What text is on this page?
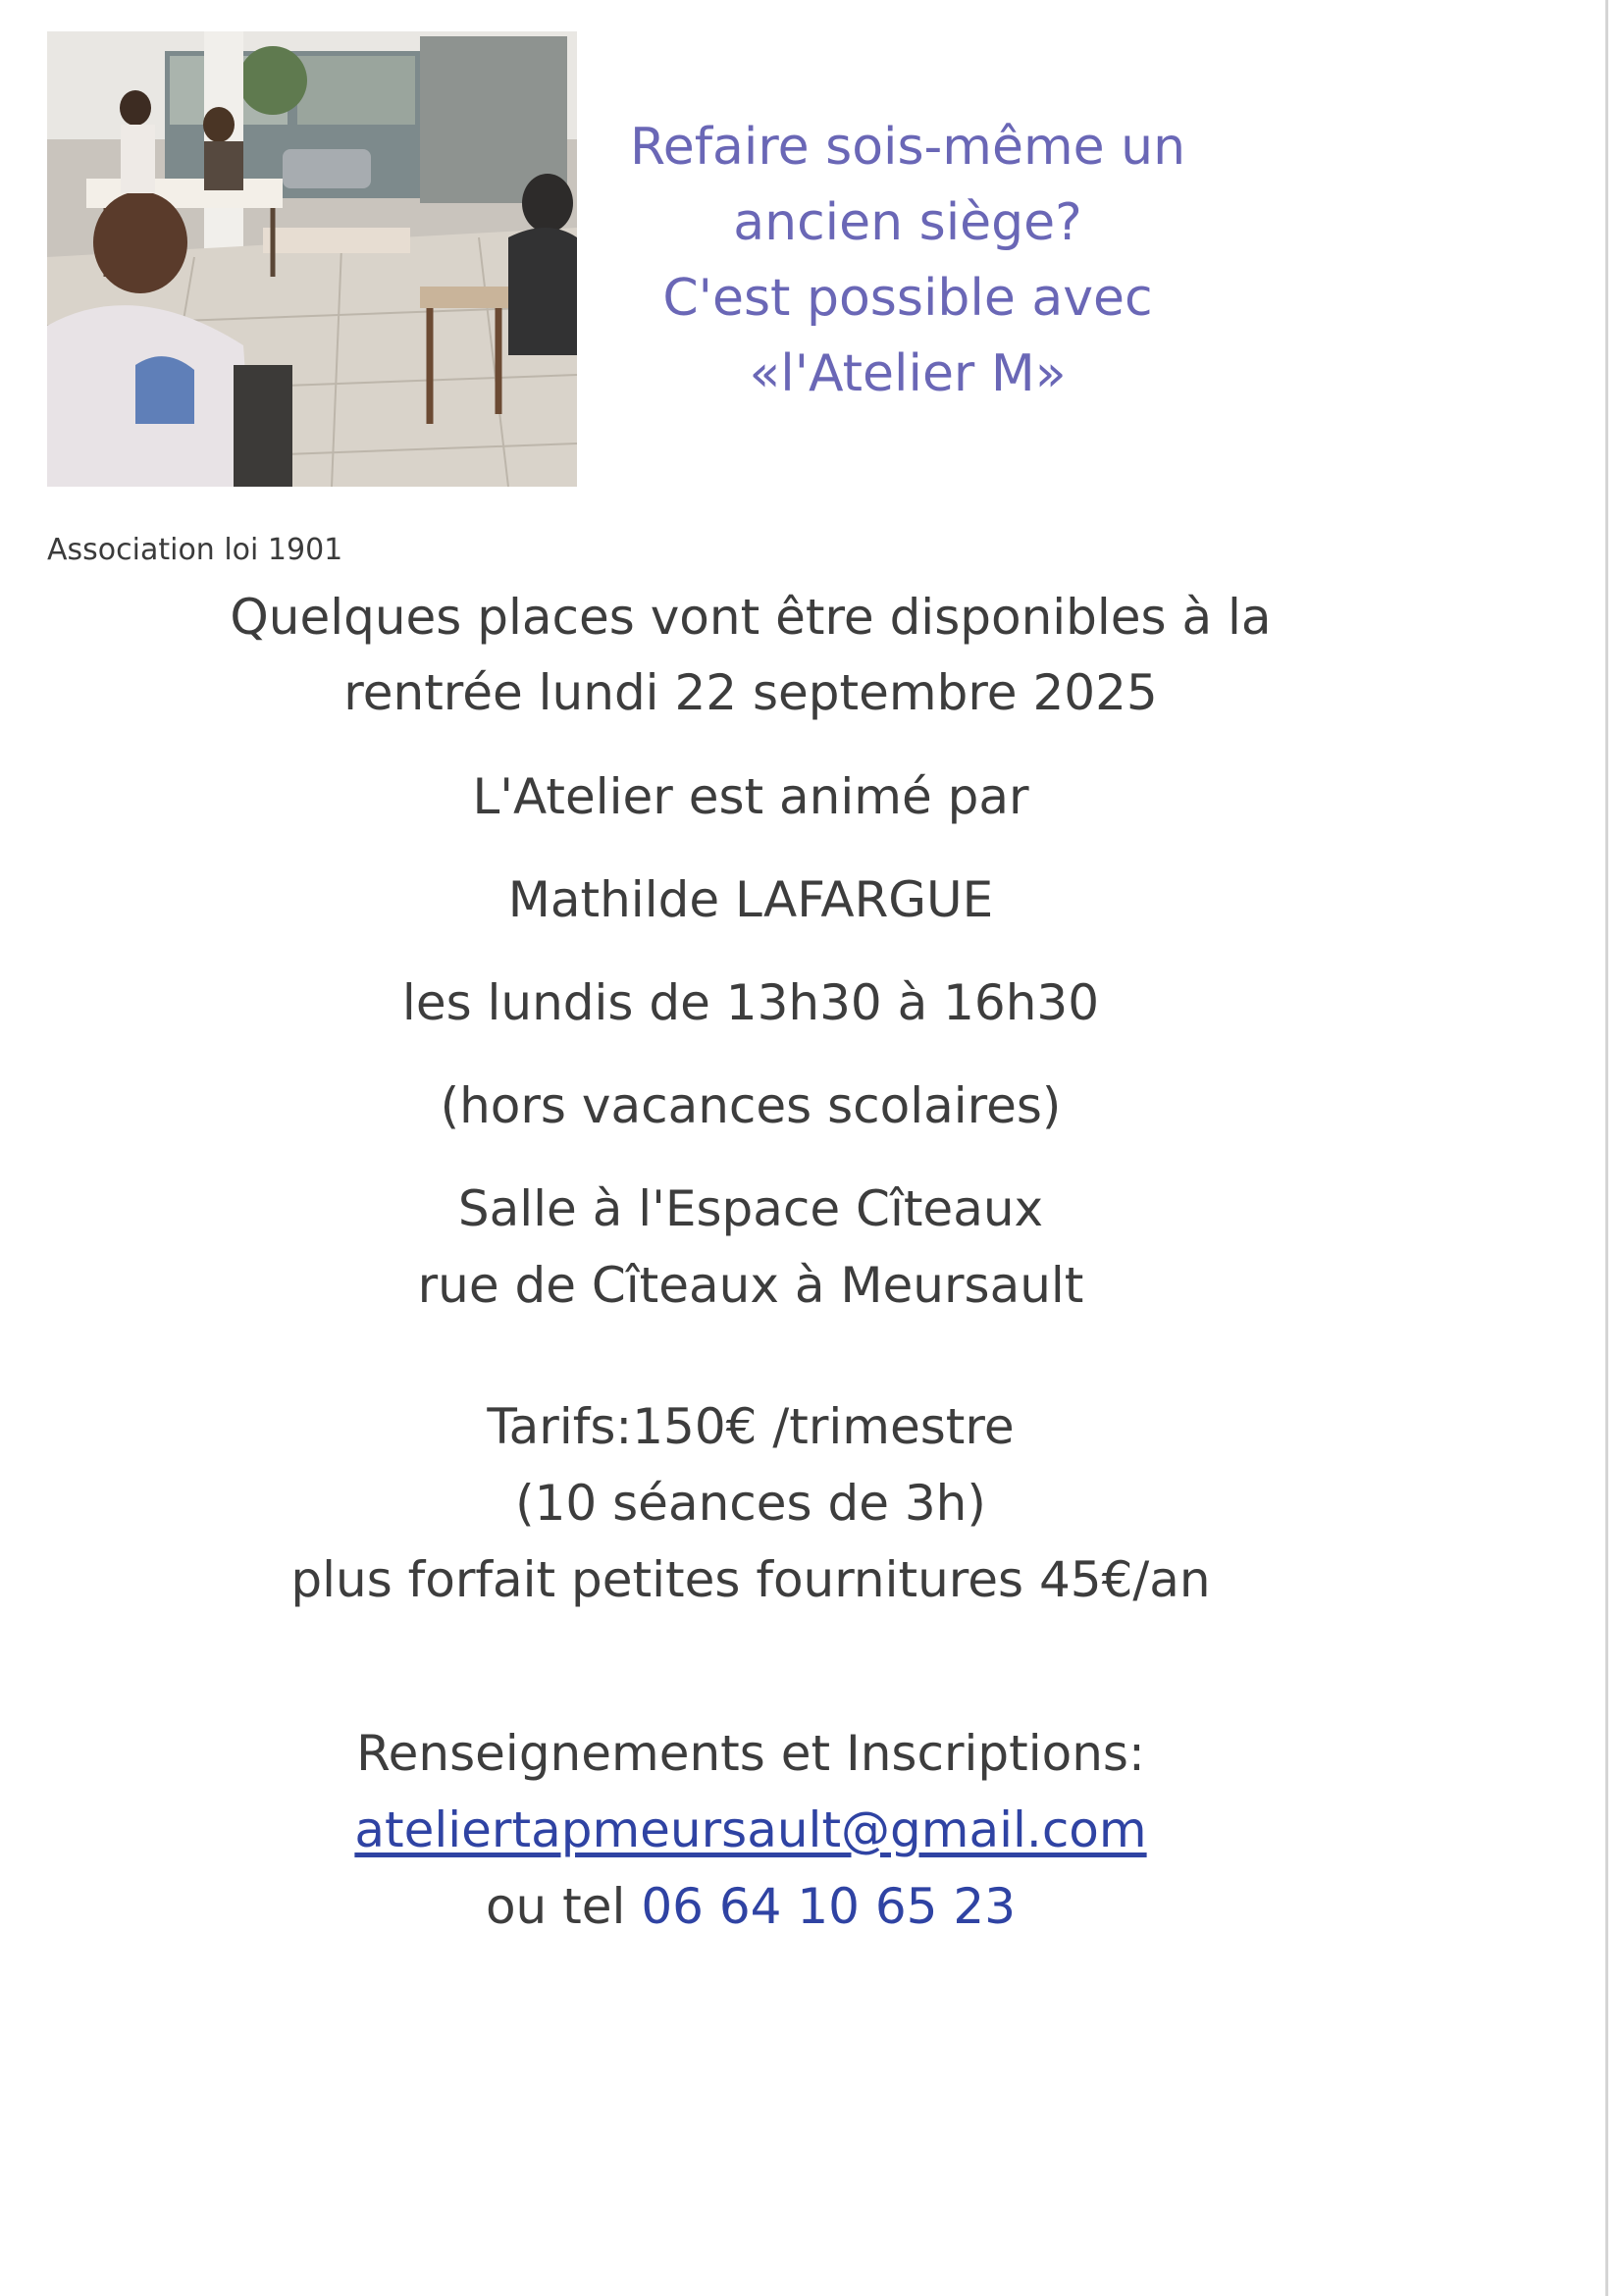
Refaire sois-même un
ancien siège?
C'est possible avec
«l'Atelier M»
Association loi 1901
Quelques places vont être disponibles à la
rentrée lundi 22 septembre 2025
L'Atelier est animé par
Mathilde LAFARGUE
les lundis de 13h30 à 16h30
(hors vacances scolaires)
Salle à l'Espace Cîteaux
rue de Cîteaux à Meursault
Tarifs:150€ /trimestre
(10 séances de 3h)
plus forfait petites fournitures 45€/an
Renseignements et Inscriptions:
ateliertapmeursault@gmail.com
ou tel 06 64 10 65 23
